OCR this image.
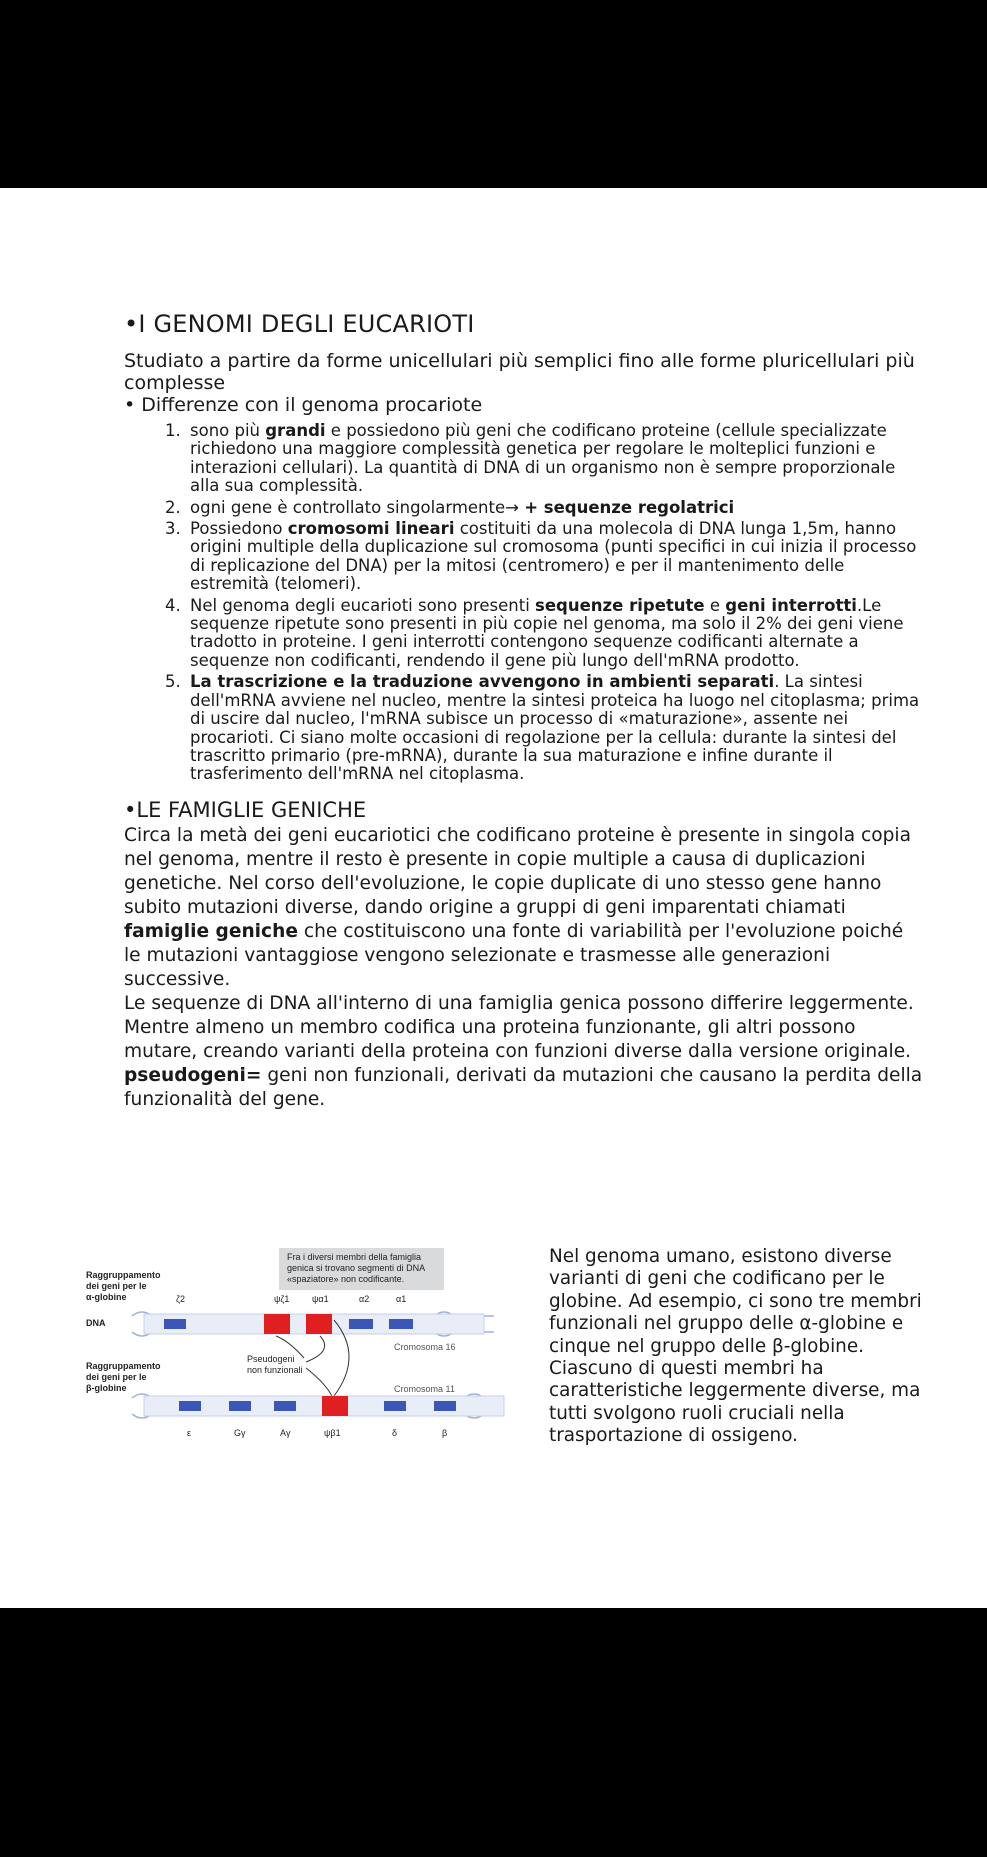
•I GENOMI DEGLI EUCARIOTI

Studiato a partire da forme unicellulari più semplici fino alle forme pluricellulari più complesse

• Differenze con il genoma procariote

1. sono più grandi e possiedono più geni che codificano proteine (cellule specializzate richiedono una maggiore complessità genetica per regolare le molteplici funzioni e interazioni cellulari). La quantità di DNA di un organismo non è sempre proporzionale alla sua complessità.
2. ogni gene è controllato singolarmente→ + sequenze regolatrici
3. Possiedono cromosomi lineari costituiti da una molecola di DNA lunga 1,5m, hanno origini multiple della duplicazione sul cromosoma (punti specifici in cui inizia il processo di replicazione del DNA) per la mitosi (centromero) e per il mantenimento delle estremità (telomeri).
4. Nel genoma degli eucarioti sono presenti sequenze ripetute e geni interrotti.Le sequenze ripetute sono presenti in più copie nel genoma, ma solo il 2% dei geni viene tradotto in proteine. I geni interrotti contengono sequenze codificanti alternate a sequenze non codificanti, rendendo il gene più lungo dell'mRNA prodotto.
5. La trascrizione e la traduzione avvengono in ambienti separati. La sintesi dell'mRNA avviene nel nucleo, mentre la sintesi proteica ha luogo nel citoplasma; prima di uscire dal nucleo, l'mRNA subisce un processo di «maturazione», assente nei procarioti. Ci siano molte occasioni di regolazione per la cellula: durante la sintesi del trascritto primario (pre-mRNA), durante la sua maturazione e infine durante il trasferimento dell'mRNA nel citoplasma.
•LE FAMIGLIE GENICHE

Circa la metà dei geni eucariotici che codificano proteine è presente in singola copia nel genoma, mentre il resto è presente in copie multiple a causa di duplicazioni genetiche. Nel corso dell'evoluzione, le copie duplicate di uno stesso gene hanno subito mutazioni diverse, dando origine a gruppi di geni imparentati chiamati famiglie geniche che costituiscono una fonte di variabilità per l'evoluzione poiché le mutazioni vantaggiose vengono selezionate e trasmesse alle generazioni successive.

Le sequenze di DNA all'interno di una famiglia genica possono differire leggermente. Mentre almeno un membro codifica una proteina funzionante, gli altri possono mutare, creando varianti della proteina con funzioni diverse dalla versione originale.

pseudogeni= geni non funzionali, derivati da mutazioni che causano la perdita della funzionalità del gene.

Fra i diversi membri della famiglia
genica si trovano segmenti di DNA
«spaziatore» non codificante.
Raggruppamento
dei geni per le
α-globine
DNA
ζ2	ψζ1	ψα1	α2	α1
Cromosoma 16
Pseudogeni
non funzionali
Raggruppamento
dei geni per le
β-globine	Cromosoma 11
ε	Gγ	Aγ	ψβ1	δ	β

Nel genoma umano, esistono diverse varianti di geni che codificano per le globine. Ad esempio, ci sono tre membri funzionali nel gruppo delle α-globine e cinque nel gruppo delle β-globine. Ciascuno di questi membri ha caratteristiche leggermente diverse, ma tutti svolgono ruoli cruciali nella trasportazione di ossigeno.
